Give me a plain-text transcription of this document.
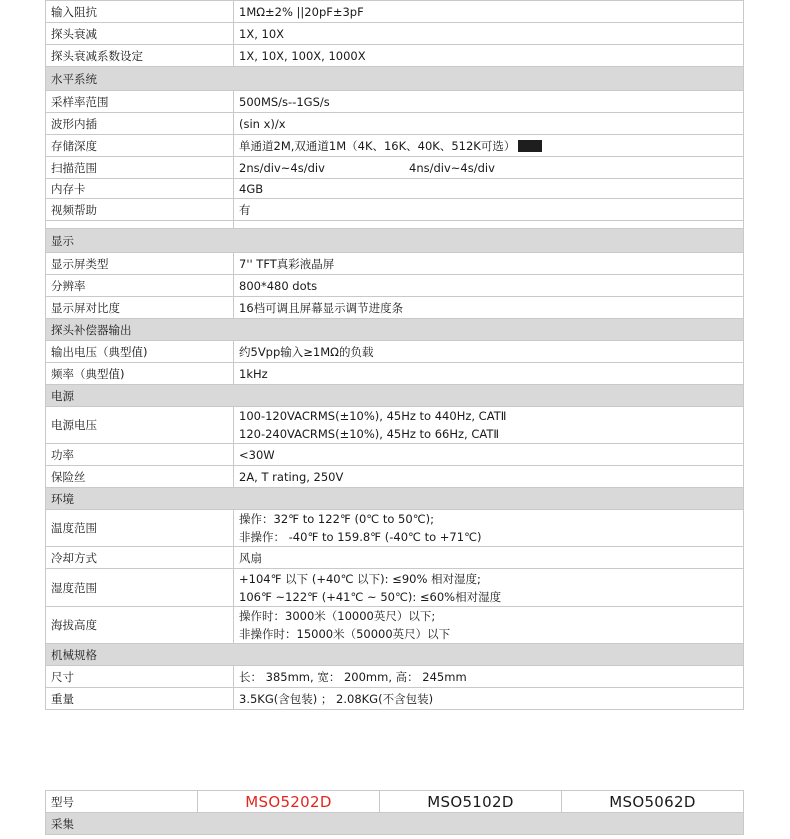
输入阻抗	1MΩ±2% ||20pF±3pF
探头衰减	1X, 10X
探头衰减系数设定	1X, 10X, 100X, 1000X
水平系统	
采样率范围	500MS/s--1GS/s
波形内插	(sin x)/x
存储深度	单通道2M,双通道1M（4K、16K、40K、512K可选）
扫描范围	2ns/div~4s/div 4ns/div~4s/div

内存卡	4GB
视频帮助	有

显示	
显示屏类型	7'' TFT真彩液晶屏
分辨率	800*480 dots
显示屏对比度	16档可调且屏幕显示调节进度条
探头补偿器输出	
输出电压（典型值)	约5Vpp输入≥1MΩ的负载
频率（典型值)	1kHz
电源	
电源电压	100-120VACRMS(±10%), 45Hz to 440Hz, CATⅡ
120-240VACRMS(±10%), 45Hz to 66Hz, CATⅡ

功率	<30W
保险丝	2A, T rating, 250V
环境	
温度范围	操作：32℉ to 122℉ (0℃ to 50℃);
非操作： -40℉ to 159.8℉ (-40℃ to +71℃)

冷却方式	风扇
湿度范围	+104℉ 以下 (+40℃ 以下): ≤90% 相对湿度;
106℉ ~122℉ (+41℃ ~ 50℃): ≤60%相对湿度

海拔高度	操作时：3000米（10000英尺）以下;
非操作时：15000米（50000英尺）以下

机械规格	
尺寸	长： 385mm, 宽： 200mm, 高： 245mm
重量	3.5KG(含包装) ； 2.08KG(不含包装)
型号	MSO5202D	MSO5102D	MSO5062D
采集
